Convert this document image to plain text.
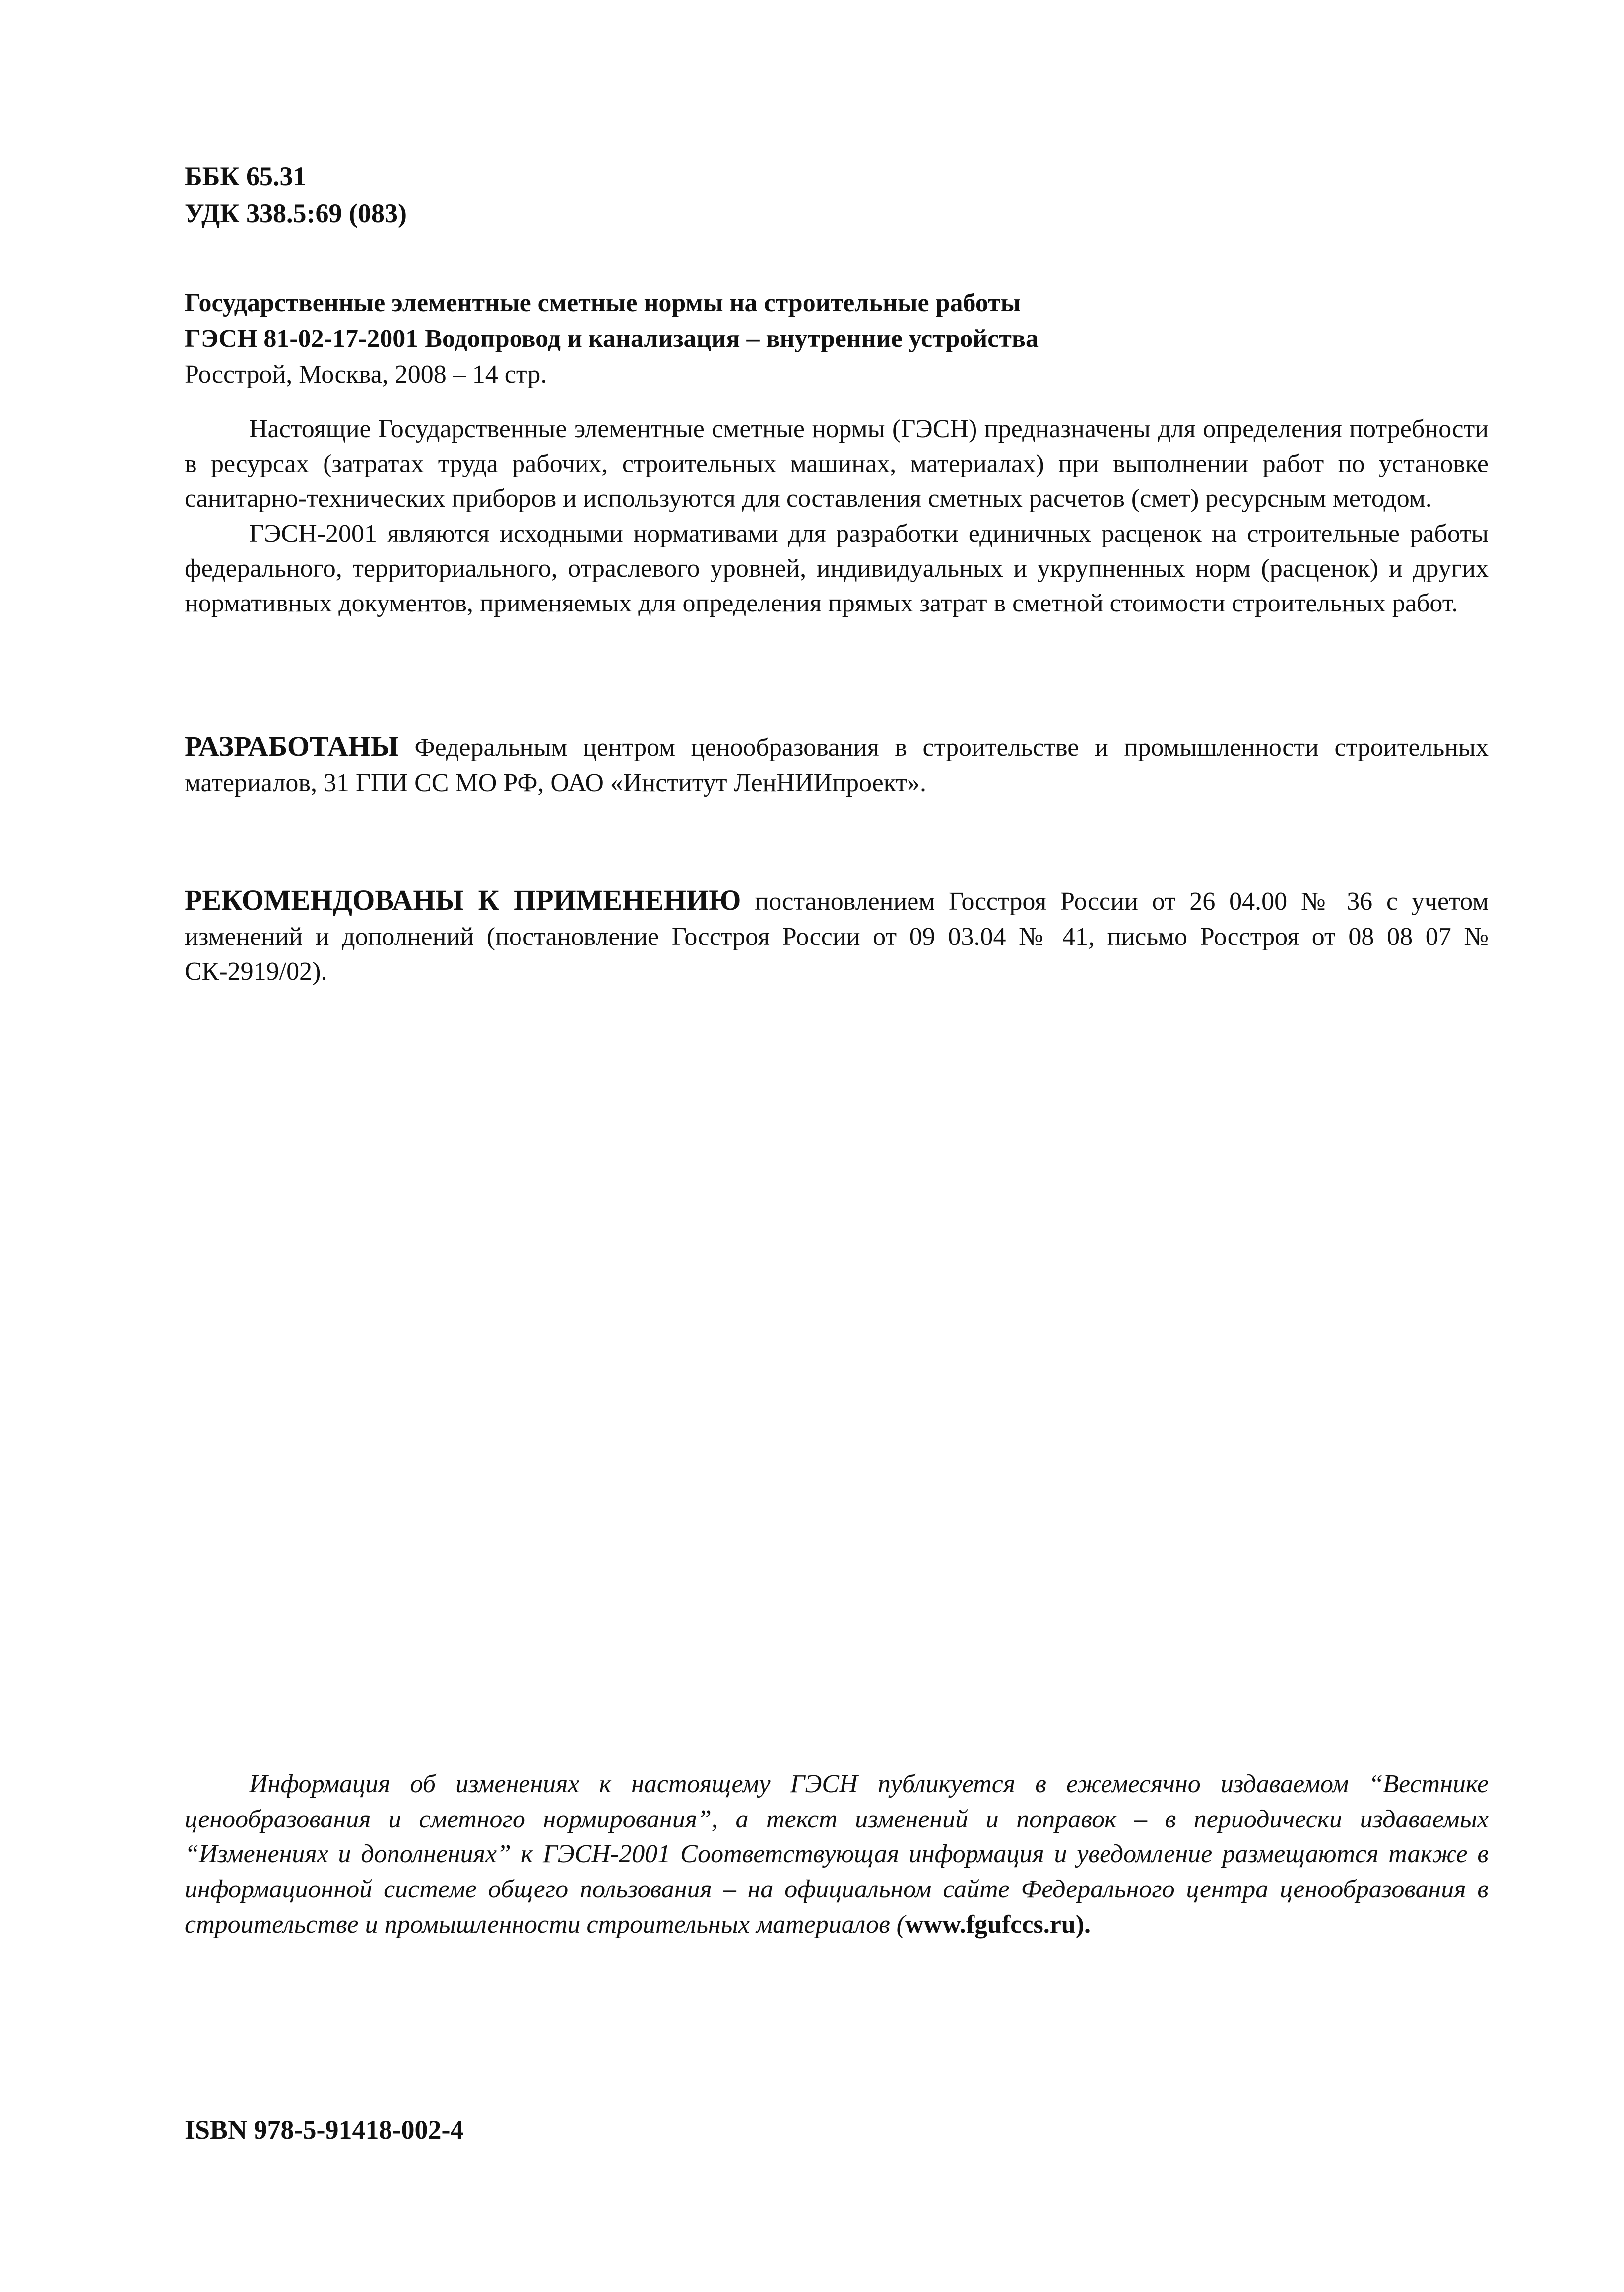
ББК 65.31
УДК 338.5:69 (083)
Государственные элементные сметные нормы на строительные работы
ГЭСН 81-02-17-2001 Водопровод и канализация – внутренние устройства
Росстрой, Москва, 2008 – 14 стр.

Настоящие Государственные элементные сметные нормы (ГЭСН) предназначены для определения потребности в ресурсах (затратах труда рабочих, строительных машинах, материалах) при выполнении работ по установке санитарно-технических приборов и используются для составления сметных расчетов (смет) ресурсным методом.

ГЭСН-2001 являются исходными нормативами для разработки единичных расценок на строительные работы федерального, территориального, отраслевого уровней, индивидуальных и укрупненных норм (расценок) и других нормативных документов, применяемых для определения прямых затрат в сметной стоимости строительных работ.

РАЗРАБОТАНЫ Федеральным центром ценообразования в строительстве и промышленности строительных материалов, 31 ГПИ СС МО РФ, ОАО «Институт ЛенНИИпроект».

РЕКОМЕНДОВАНЫ К ПРИМЕНЕНИЮ постановлением Госстроя России от 26 04.00 № 36 с учетом изменений и дополнений (постановление Госстроя России от 09 03.04 № 41, письмо Росстроя от 08 08 07 № СК-2919/02).

Информация об изменениях к настоящему ГЭСН публикуется в ежемесячно издаваемом “Вестнике ценообразования и сметного нормирования”, а текст изменений и поправок – в периодически издаваемых “Изменениях и дополнениях” к ГЭСН-2001 Соответствующая информация и уведомление размещаются также в информационной системе общего пользования – на официальном сайте Федерального центра ценообразования в строительстве и промышленности строительных материалов (www.fgufccs.ru).

ISBN 978-5-91418-002-4
